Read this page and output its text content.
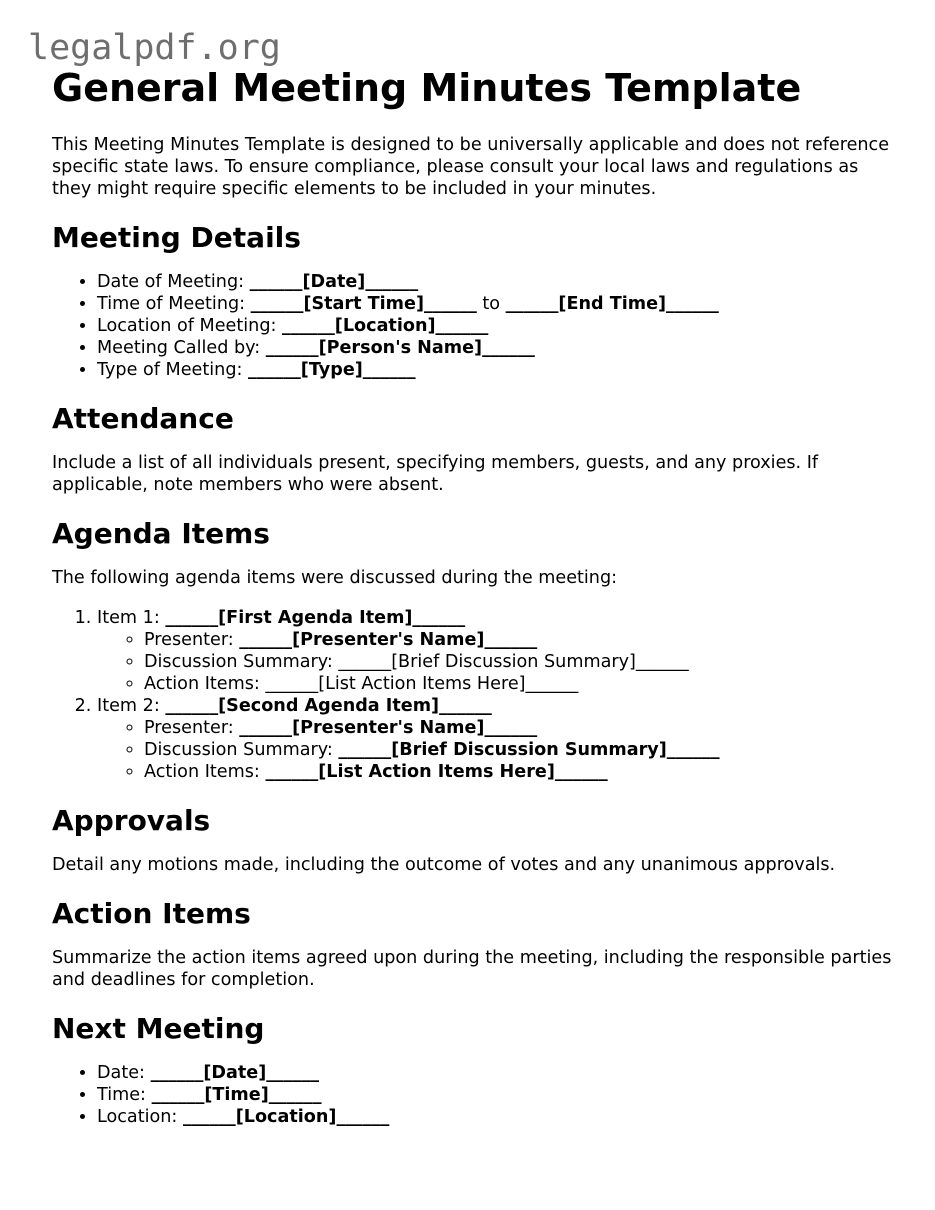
legalpdf.org
General Meeting Minutes Template

This Meeting Minutes Template is designed to be universally applicable and does not reference specific state laws. To ensure compliance, please consult your local laws and regulations as they might require specific elements to be included in your minutes.

Meeting Details
• Date of Meeting: ______[Date]______
• Time of Meeting: ______[Start Time]______ to ______[End Time]______
• Location of Meeting: ______[Location]______
• Meeting Called by: ______[Person's Name]______
• Type of Meeting: ______[Type]______
Attendance

Include a list of all individuals present, specifying members, guests, and any proxies. If applicable, note members who were absent.

Agenda Items

The following agenda items were discussed during the meeting:

1. Item 1: ______[First Agenda Item]______
◦ Presenter: ______[Presenter's Name]______
◦ Discussion Summary: ______[Brief Discussion Summary]______
◦ Action Items: ______[List Action Items Here]______
2. Item 2: ______[Second Agenda Item]______
◦ Presenter: ______[Presenter's Name]______
◦ Discussion Summary: ______[Brief Discussion Summary]______
◦ Action Items: ______[List Action Items Here]______
Approvals

Detail any motions made, including the outcome of votes and any unanimous approvals.

Action Items

Summarize the action items agreed upon during the meeting, including the responsible parties and deadlines for completion.

Next Meeting
• Date: ______[Date]______
• Time: ______[Time]______
• Location: ______[Location]______
